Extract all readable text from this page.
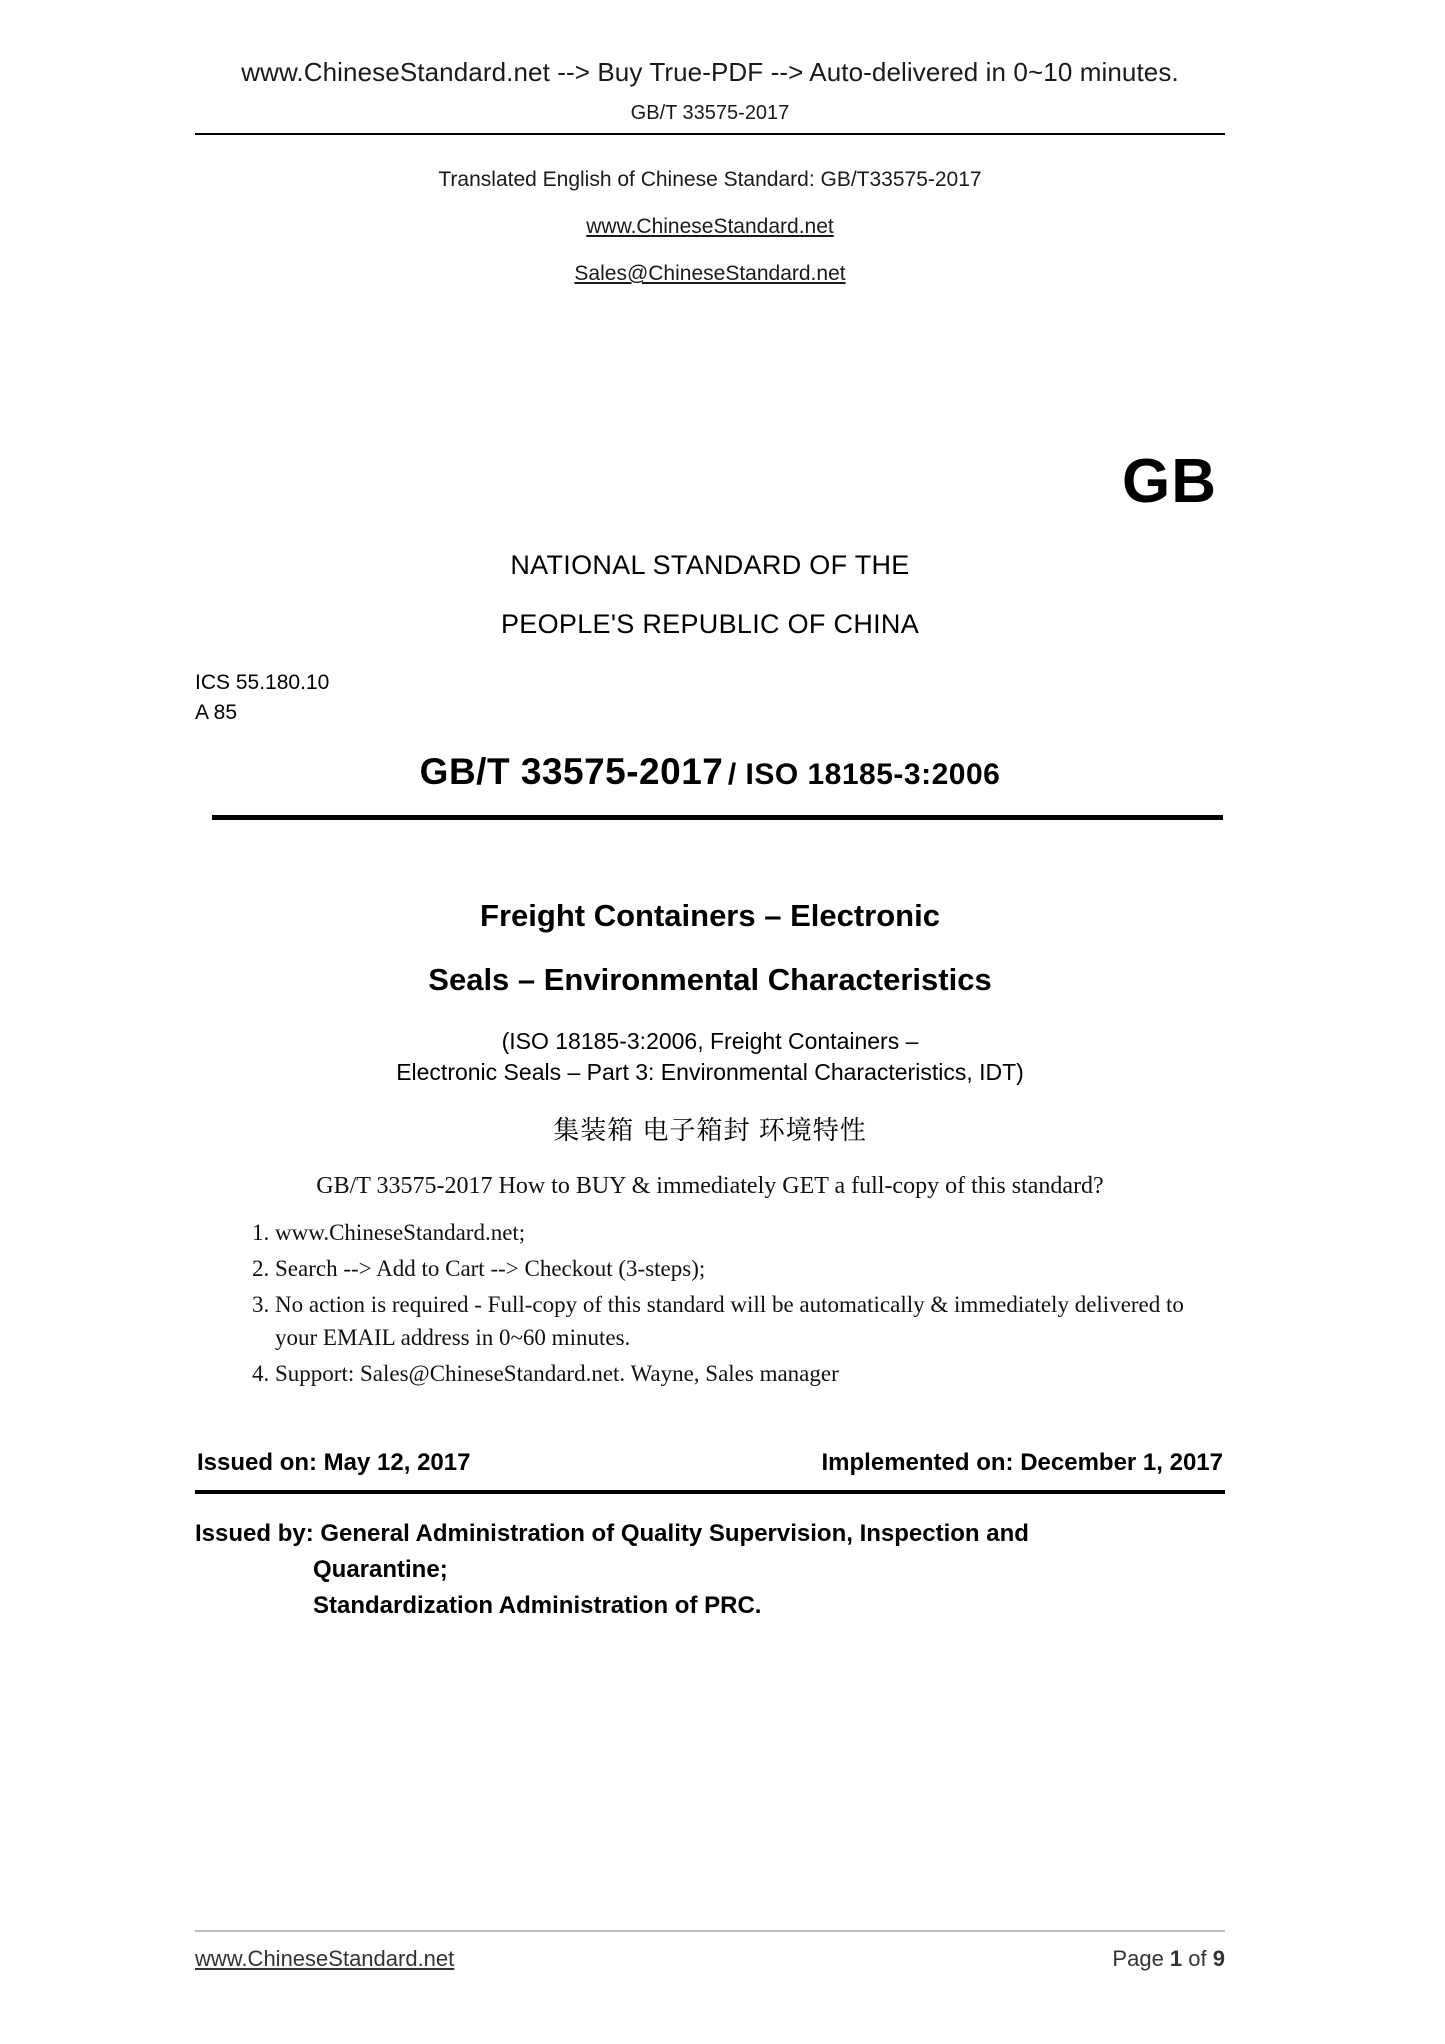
www.ChineseStandard.net --> Buy True-PDF --> Auto-delivered in 0~10 minutes.
GB/T 33575-2017
Translated English of Chinese Standard: GB/T33575-2017
www.ChineseStandard.net
Sales@ChineseStandard.net
GB
NATIONAL STANDARD OF THE
PEOPLE'S REPUBLIC OF CHINA
ICS 55.180.10
A 85
GB/T 33575-2017 / ISO 18185-3:2006
Freight Containers – Electronic
Seals – Environmental Characteristics
(ISO 18185-3:2006, Freight Containers –
Electronic Seals – Part 3: Environmental Characteristics, IDT)
集装箱 电子箱封 环境特性
GB/T 33575-2017 How to BUY & immediately GET a full-copy of this standard?
1. www.ChineseStandard.net;
2. Search --> Add to Cart --> Checkout (3-steps);
3. No action is required - Full-copy of this standard will be automatically & immediately delivered to your EMAIL address in 0~60 minutes.
4. Support: Sales@ChineseStandard.net. Wayne, Sales manager
Issued on: May 12, 2017	Implemented on: December 1, 2017
Issued by: General Administration of Quality Supervision, Inspection and
Quarantine;
Standardization Administration of PRC.
www.ChineseStandard.net	Page 1 of 9
